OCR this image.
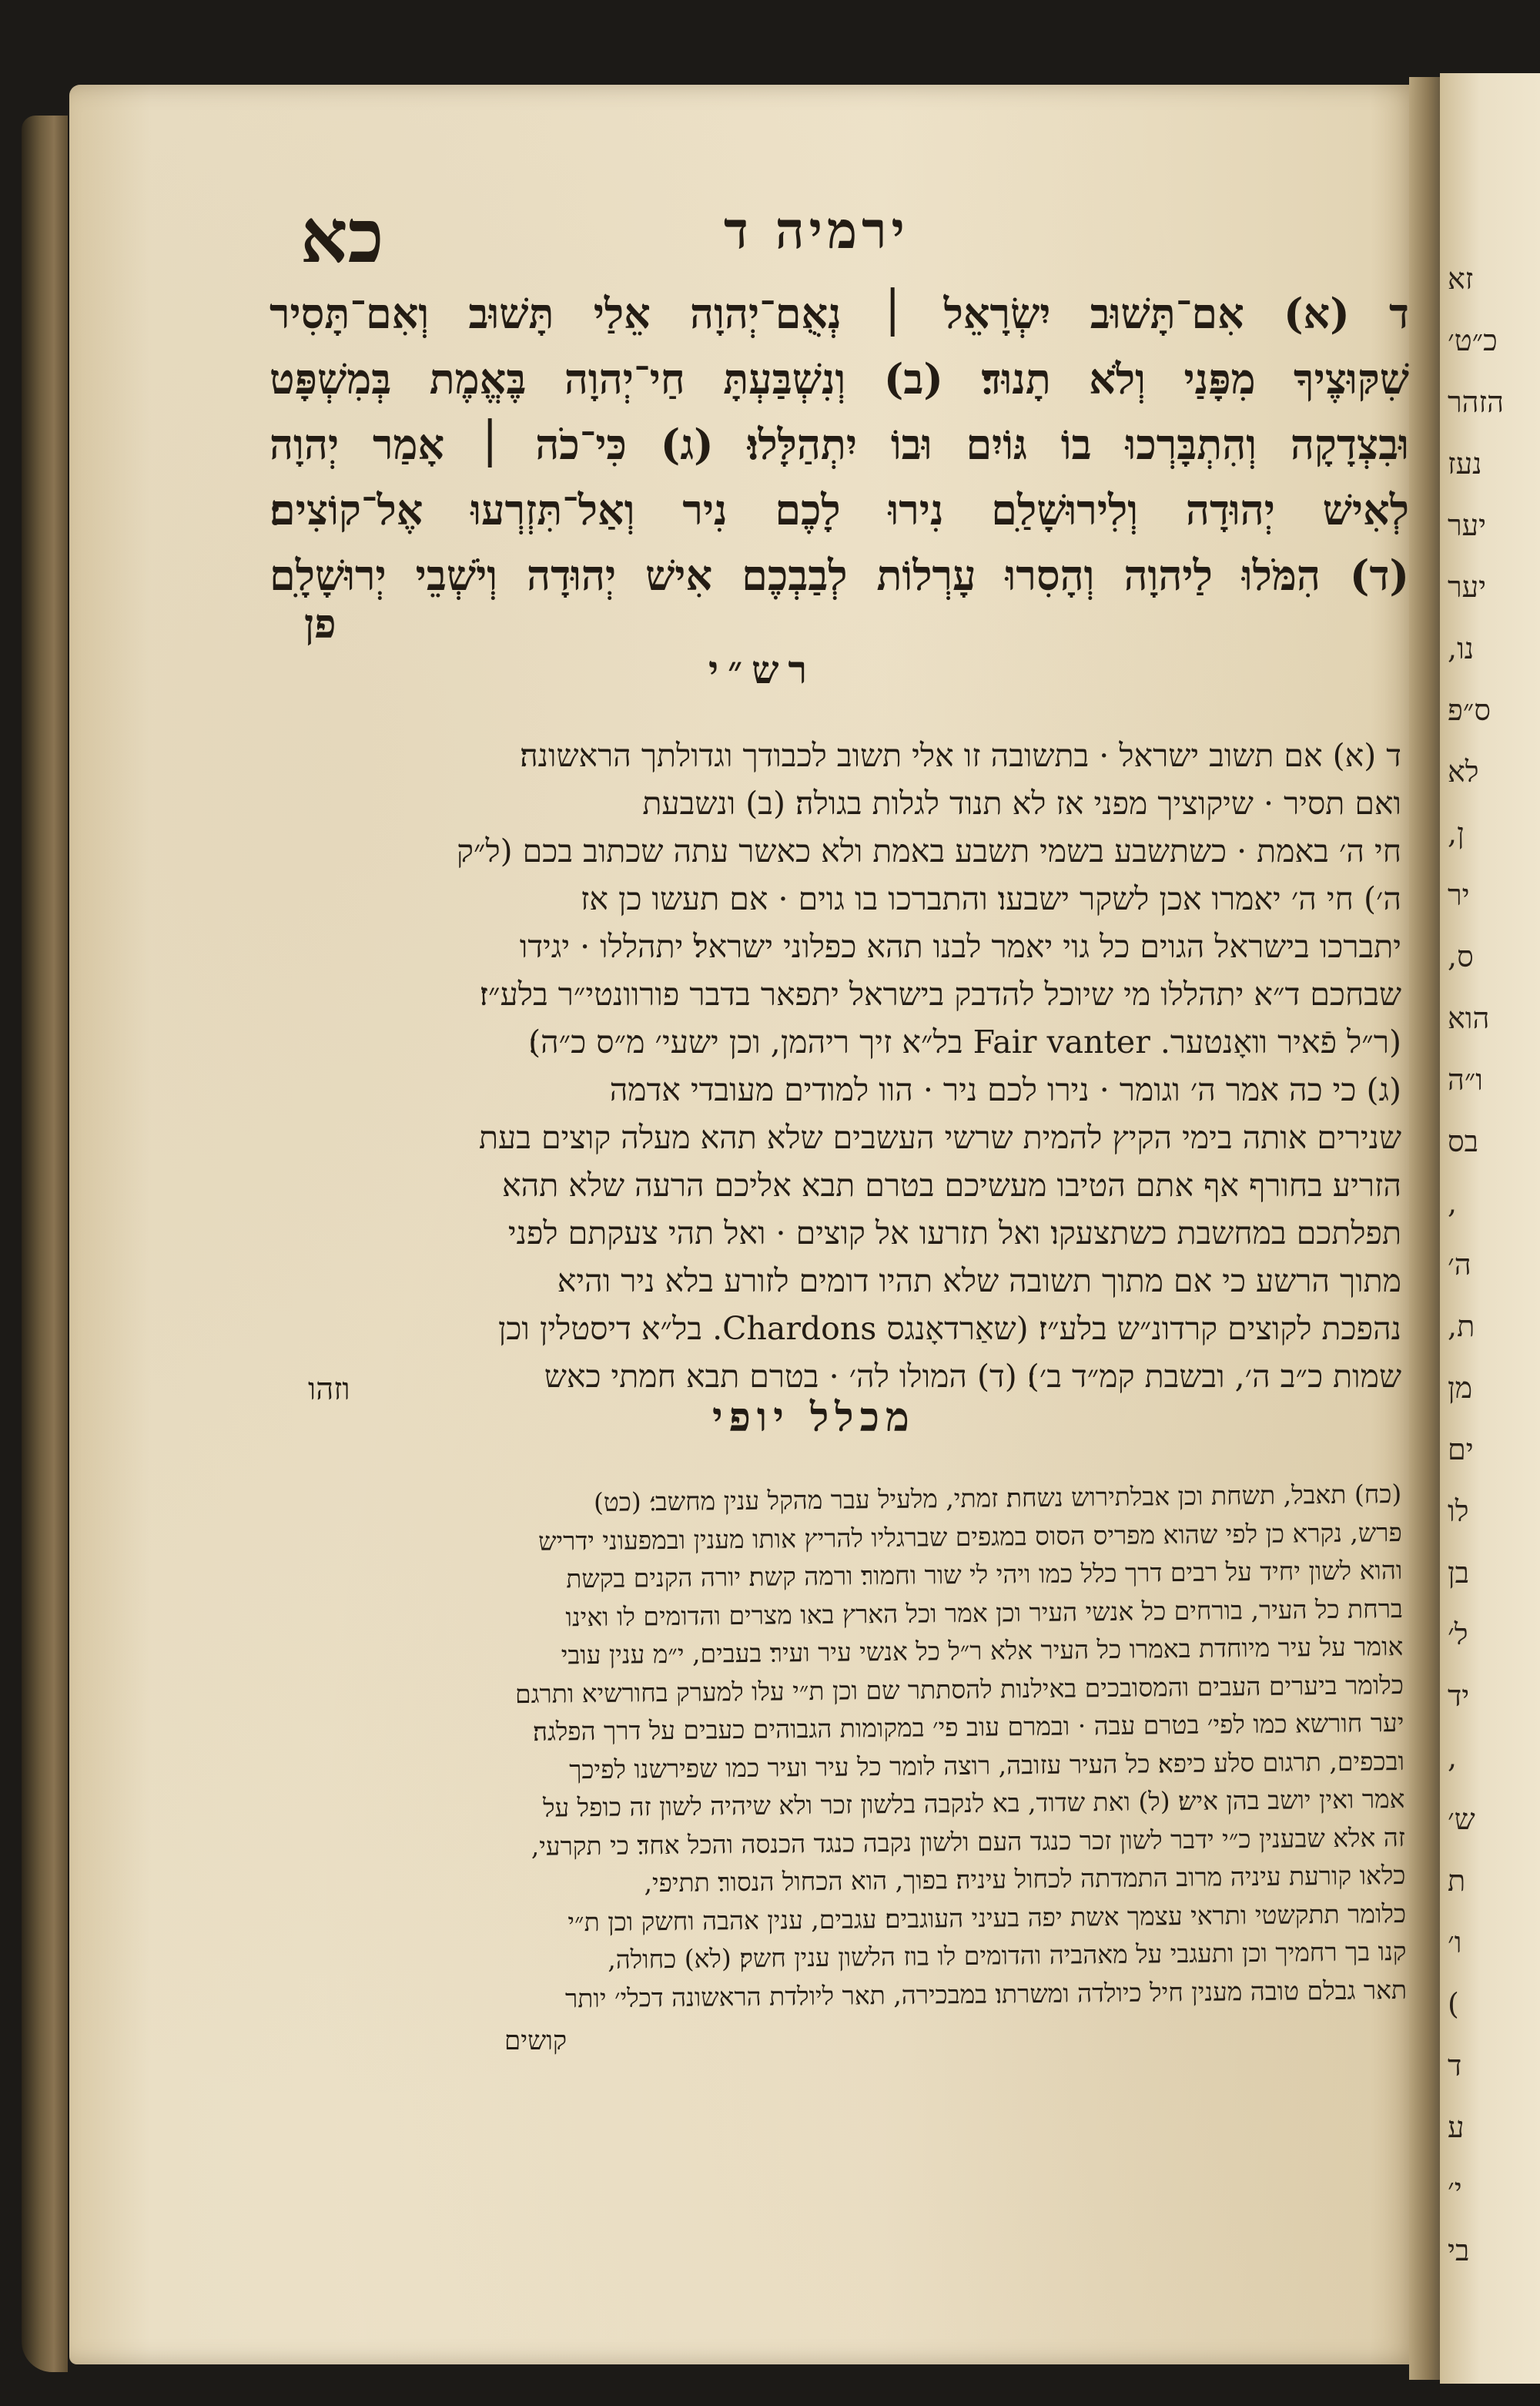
זא
כ״ט׳
הזהר
נעז
יער
יער
נו,
ס״פ
לא
ן,
יר
ס,
הוא
ו״ה
בס
,
ה׳
ת,
מן
ים
לו
בן
ל׳
יד
,
ש׳
ת
ו׳
)
ד
ע
י׳
בי
כא	ירמיה ד
ד (א) אִם־תָּשׁוּב יִשְׂרָאֵל ׀ נְאֻם־יְהוָה אֵלַי תָּשׁוּב וְאִם־תָּסִיר
שִׁקּוּצֶיךָ מִפָּנַי וְלֹא תָנוּד׃ (ב) וְנִשְׁבַּעְתָּ חַי־יְהוָה בֶּאֱמֶת בְּמִשְׁפָּט
וּבִצְדָקָה וְהִתְבָּרְכוּ בוֹ גּוֹיִם וּבוֹ יִתְהַלָּלוּ׃ (ג) כִּי־כֹה ׀ אָמַר יְהוָה
לְאִישׁ יְהוּדָה וְלִירוּשָׁלַ‍ִם נִירוּ לָכֶם נִיר וְאַל־תִּזְרְעוּ אֶל־קוֹצִים׃
(ד) הִמֹּלוּ לַיהוָה וְהָסִרוּ עָרְלוֹת לְבַבְכֶם אִישׁ יְהוּדָה וְיֹשְׁבֵי יְרוּשָׁלָ‍ִם
פן
רש״י
ד (א) אם תשוב ישראל · בתשובה זו אלי תשוב לכבודך וגדולתך הראשונה׃
ואם תסיר · שיקוציך מפני אז לא תנוד לגלות בגולה׃ (ב) ונשבעת
חי ה׳ באמת · כשתשבע בשמי תשבע באמת ולא כאשר עתה שכתוב בכם (ל״ק
ה׳) חי ה׳ יאמרו אכן לשקר ישבעו׃ והתברכו בו גוים · אם תעשו כן אז
יתברכו בישראל הגוים כל גוי יאמר לבנו תהא כפלוני ישראל׃ יתהללו · יגידו
שבחכם ד״א יתהללו מי שיוכל להדבק בישראל יתפאר בדבר פורוונטי״ר בלע״ז׃
(ר״ל פֿאיר װאָנטער. Fair vanter בל״א זיך ריהמן, וכן ישעי׳ מ״ס כ״ה)׃
(ג) כי כה אמר ה׳ וגומר · נירו לכם ניר · הוו למודים מעובדי אדמה
שנירים אותה בימי הקיץ להמית שרשי העשבים שלא תהא מעלה קוצים בעת
הזריע בחורף אף אתם הטיבו מעשיכם בטרם תבא אליכם הרעה שלא תהא
תפלתכם במחשבת כשתצעקו׃ ואל תזרעו אל קוצים · ואל תהי צעקתם לפני
מתוך הרשע כי אם מתוך תשובה שלא תהיו דומים לזורע בלא ניר והיא
נהפכת לקוצים קרדונ״ש בלע״ז׃ (שאַרדאָנגס Chardons. בל״א דיסטלין וכן
שמות כ״ב ה׳, ובשבת קמ״ד ב׳)׃ (ד) המולו לה׳ · בטרם תבא חמתי כאש
וזהו
מכלל יופי
(כח) תאבל, תשחת וכן אבלתירוש נשחת׃ זמתי, מלעיל עבר מהקל ענין מחשב׳׃ (כט)
פרש, נקרא כן לפי שהוא מפריס הסוס במגפים שברגליו להריץ אותו מענין ובמפעוני ידריש
והוא לשון יחיד על רבים דרך כלל כמו ויהי לי שור וחמור׃ ורמה קשת׃ יורה הקנים בקשת
ברחת כל העיר, בורחים כל אנשי העיר וכן אמר וכל הארץ באו מצרים והדומים לו ואינו
אומר על עיר מיוחדת באמרו כל העיר אלא ר״ל כל אנשי עיר ועיר׃ בעבים, י״מ ענין עובי
כלומר ביערים העבים והמסובכים באילנות להסתתר שם וכן ת״י עלו למערק בחורשיא ותרגם
יער חורשא כמו לפי׳ בטרם עבה · ובמרם עוב פי׳ במקומות הגבוהים כעבים על דרך הפלגה׃
ובכפים, תרגום סלע כיפא׃ כל העיר עזובה, רוצה לומר כל עיר ועיר כמו שפירשנו לפיכך
אמר ואין יושב בהן איש׃ (ל) ואת שדוד, בא לנקבה בלשון זכר ולא שיהיה לשון זה כופל על
זה אלא שבענין כ״י ידבר לשון זכר כנגד העם ולשון נקבה כנגד הכנסה והכל אחד׃ כי תקרעי,
כלאו קורעת עיניה מרוב התמדתה לכחול עיניה׃ בפוך, הוא הכחול הנסור׃ תתיפי,
כלומר תתקשטי ותראי עצמך אשת יפה בעיני העוגבים׃ עגבים, ענין אהבה וחשק וכן ת״י
קנו בך רחמיך וכן ותעגבי על מאהביה והדומים לו בוז הלשון ענין חשק׃ (לא) כחולה,
תאר גבלם טובה מענין חיל כיולדה ומשרתו׃ במבכירה, תאר ליולדת הראשונה דכלי׳ יותר
קושים
